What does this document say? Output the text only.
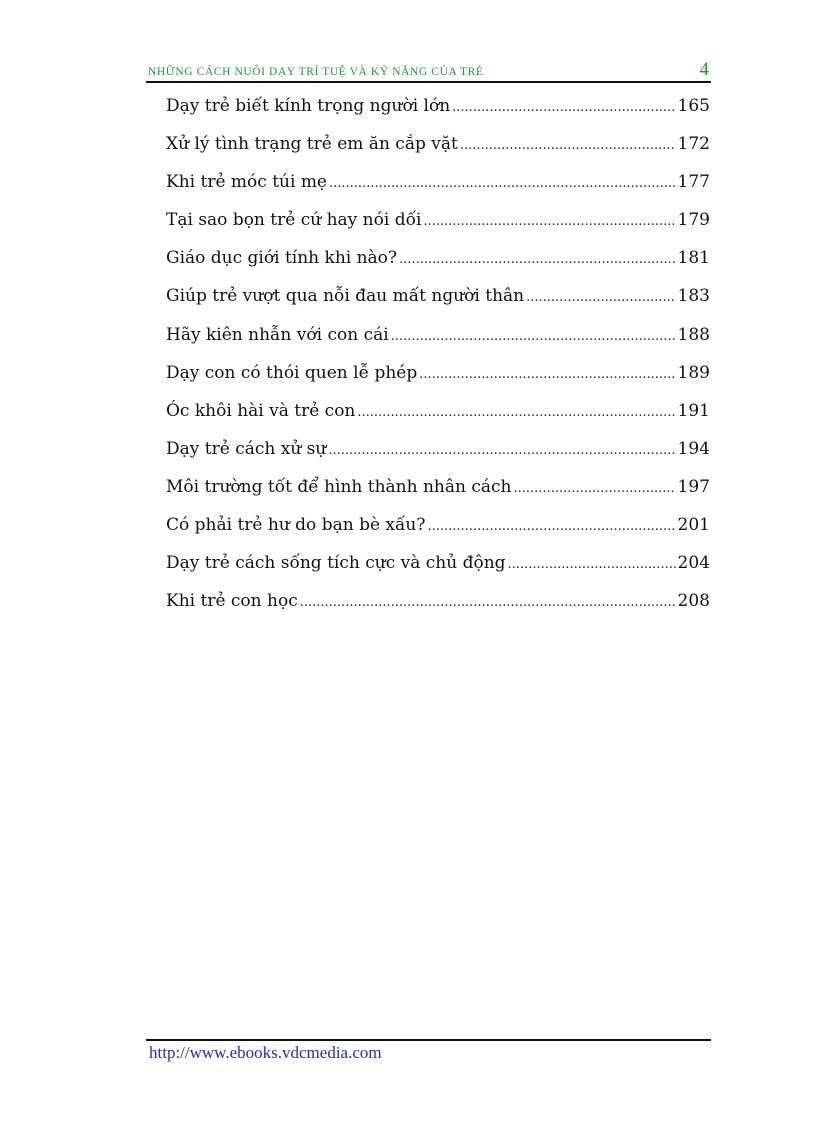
NHỮNG CÁCH NUÔI DẠY TRÍ TUỆ VÀ KỸ NĂNG CỦA TRẺ	4
Dạy trẻ biết kính trọng người lớn .....	165
Xử lý tình trạng trẻ em ăn cắp vặt .....	172
Khi trẻ móc túi mẹ .....	177
Tại sao bọn trẻ cứ hay nói dối .....	179
Giáo dục giới tính khi nào? .....	181
Giúp trẻ vượt qua nỗi đau mất người thân .....	183
Hãy kiên nhẫn với con cái .....	188
Dạy con có thói quen lễ phép .....	189
Óc khôi hài và trẻ con .....	191
Dạy trẻ cách xử sự .....	194
Môi trường tốt để hình thành nhân cách .....	197
Có phải trẻ hư do bạn bè xấu? .....	201
Dạy trẻ cách sống tích cực và chủ động .....	204
Khi trẻ con học .....	208
http://www.ebooks.vdcmedia.com
